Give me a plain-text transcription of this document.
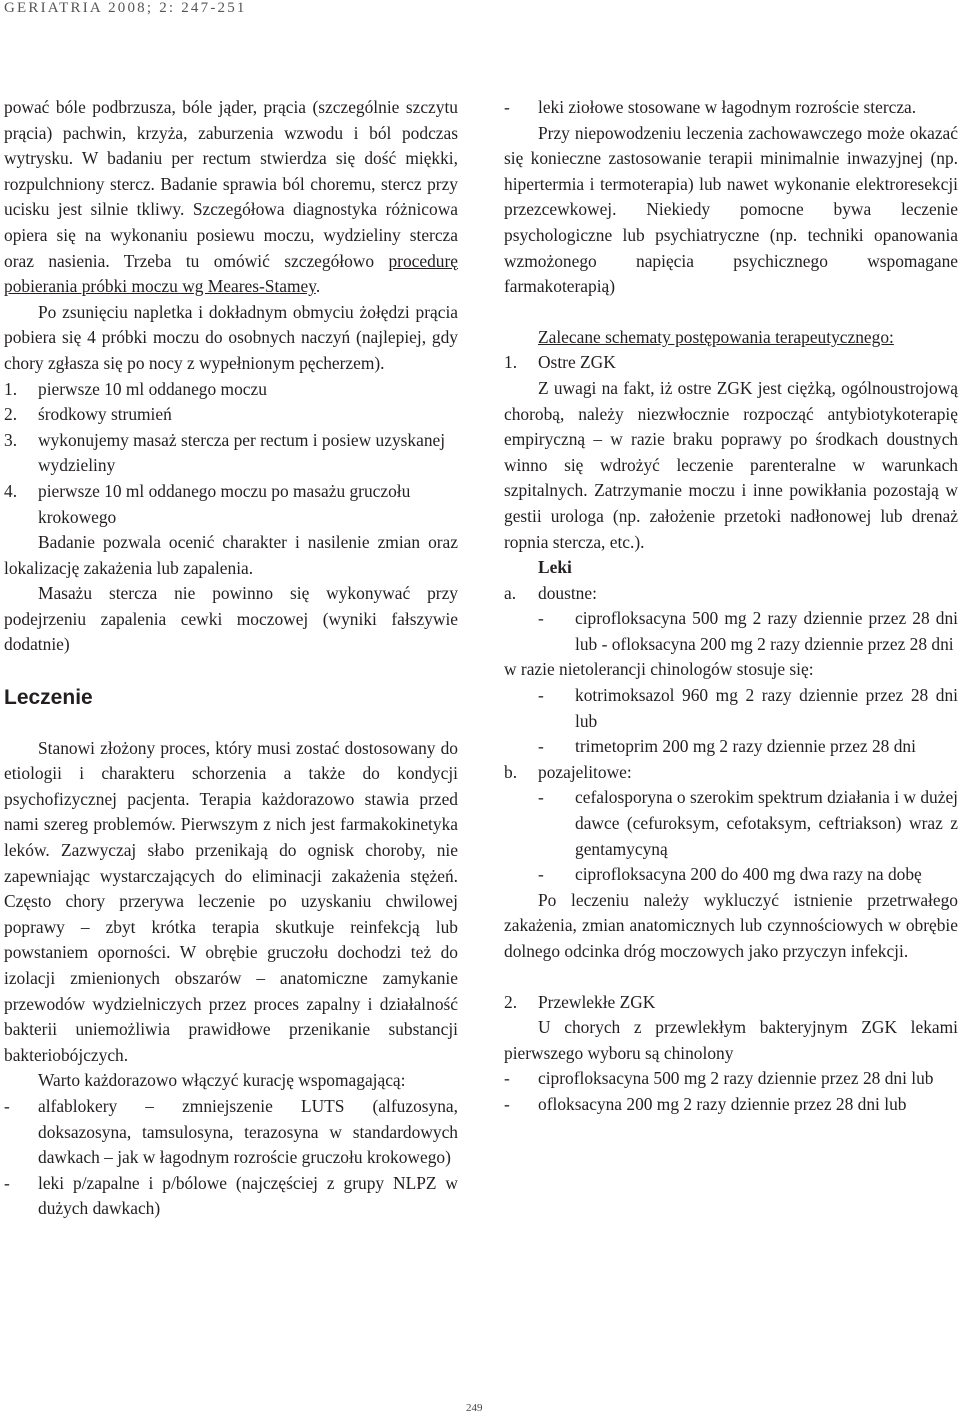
GERIATRIA 2008; 2: 247-251

pować bóle podbrzusza, bóle jąder, prącia (szczególnie szczytu prącia) pachwin, krzyża, zaburzenia wzwodu i ból podczas wytrysku. W badaniu per rectum stwierdza się dość miękki, rozpulchniony stercz. Badanie sprawia ból choremu, stercz przy ucisku jest silnie tkliwy. Szczegółowa diagnostyka różnicowa opiera się na wykonaniu posiewu moczu, wydzieliny stercza oraz nasienia. Trzeba tu omówić szczegółowo procedurę pobierania próbki moczu wg Meares-Stamey.

Po zsunięciu napletka i dokładnym obmyciu żołędzi prącia pobiera się 4 próbki moczu do osobnych naczyń (najlepiej, gdy chory zgłasza się po nocy z wypełnionym pęcherzem).

1. pierwsze 10 ml oddanego moczu
2. środkowy strumień
3. wykonujemy masaż stercza per rectum i posiew uzyskanej wydzieliny
4. pierwsze 10 ml oddanego moczu po masażu gruczołu krokowego

Badanie pozwala ocenić charakter i nasilenie zmian oraz lokalizację zakażenia lub zapalenia.

Masażu stercza nie powinno się wykonywać przy podejrzeniu zapalenia cewki moczowej (wyniki fałszywie dodatnie)

Leczenie

Stanowi złożony proces, który musi zostać dostosowany do etiologii i charakteru schorzenia a także do kondycji psychofizycznej pacjenta. Terapia każdorazowo stawia przed nami szereg problemów. Pierwszym z nich jest farmakokinetyka leków. Zazwyczaj słabo przenikają do ognisk choroby, nie zapewniając wystarczających do eliminacji zakażenia stężeń. Często chory przerywa leczenie po uzyskaniu chwilowej poprawy – zbyt krótka terapia skutkuje reinfekcją lub powstaniem oporności. W obrębie gruczołu dochodzi też do izolacji zmienionych obszarów – anatomiczne zamykanie przewodów wydzielniczych przez proces zapalny i działalność bakterii uniemożliwia prawidłowe przenikanie substancji bakteriobójczych.

Warto każdorazowo włączyć kurację wspomagającą:

- alfablokery – zmniejszenie LUTS (alfuzosyna, doksazosyna, tamsulosyna, terazosyna w standardowych dawkach – jak w łagodnym rozroście gruczołu krokowego)
- leki p/zapalne i p/bólowe (najczęściej z grupy NLPZ w dużych dawkach)
- leki ziołowe stosowane w łagodnym rozroście stercza.

Przy niepowodzeniu leczenia zachowawczego może okazać się konieczne zastosowanie terapii minimalnie inwazyjnej (np. hipertermia i termoterapia) lub nawet wykonanie elektroresekcji przezcewkowej. Niekiedy pomocne bywa leczenie psychologiczne lub psychiatryczne (np. techniki opanowania wzmożonego napięcia psychicznego wspomagane farmakoterapią)

Zalecane schematy postępowania terapeutycznego:

1. Ostre ZGK

Z uwagi na fakt, iż ostre ZGK jest ciężką, ogólnoustrojową chorobą, należy niezwłocznie rozpocząć antybiotykoterapię empiryczną – w razie braku poprawy po środkach doustnych winno się wdrożyć leczenie parenteralne w warunkach szpitalnych. Zatrzymanie moczu i inne powikłania pozostają w gestii urologa (np. założenie przetoki nadłonowej lub drenaż ropnia stercza, etc.).

Leki
a. doustne:
- ciprofloksacyna 500 mg 2 razy dziennie przez 28 dni lub - ofloksacyna 200 mg 2 razy dziennie przez 28 dni

w razie nietolerancji chinologów stosuje się:

- kotrimoksazol 960 mg 2 razy dziennie przez 28 dni lub
- trimetoprim 200 mg 2 razy dziennie przez 28 dni
b. pozajelitowe:
- cefalosporyna o szerokim spektrum działania i w dużej dawce (cefuroksym, cefotaksym, ceftriakson) wraz z gentamycyną
- ciprofloksacyna 200 do 400 mg dwa razy na dobę

Po leczeniu należy wykluczyć istnienie przetrwałego zakażenia, zmian anatomicznych lub czynnościowych w obrębie dolnego odcinka dróg moczowych jako przyczyn infekcji.

2. Przewlekłe ZGK

U chorych z przewlekłym bakteryjnym ZGK lekami pierwszego wyboru są chinolony

- ciprofloksacyna 500 mg 2 razy dziennie przez 28 dni lub
- ofloksacyna 200 mg 2 razy dziennie przez 28 dni lub
249
